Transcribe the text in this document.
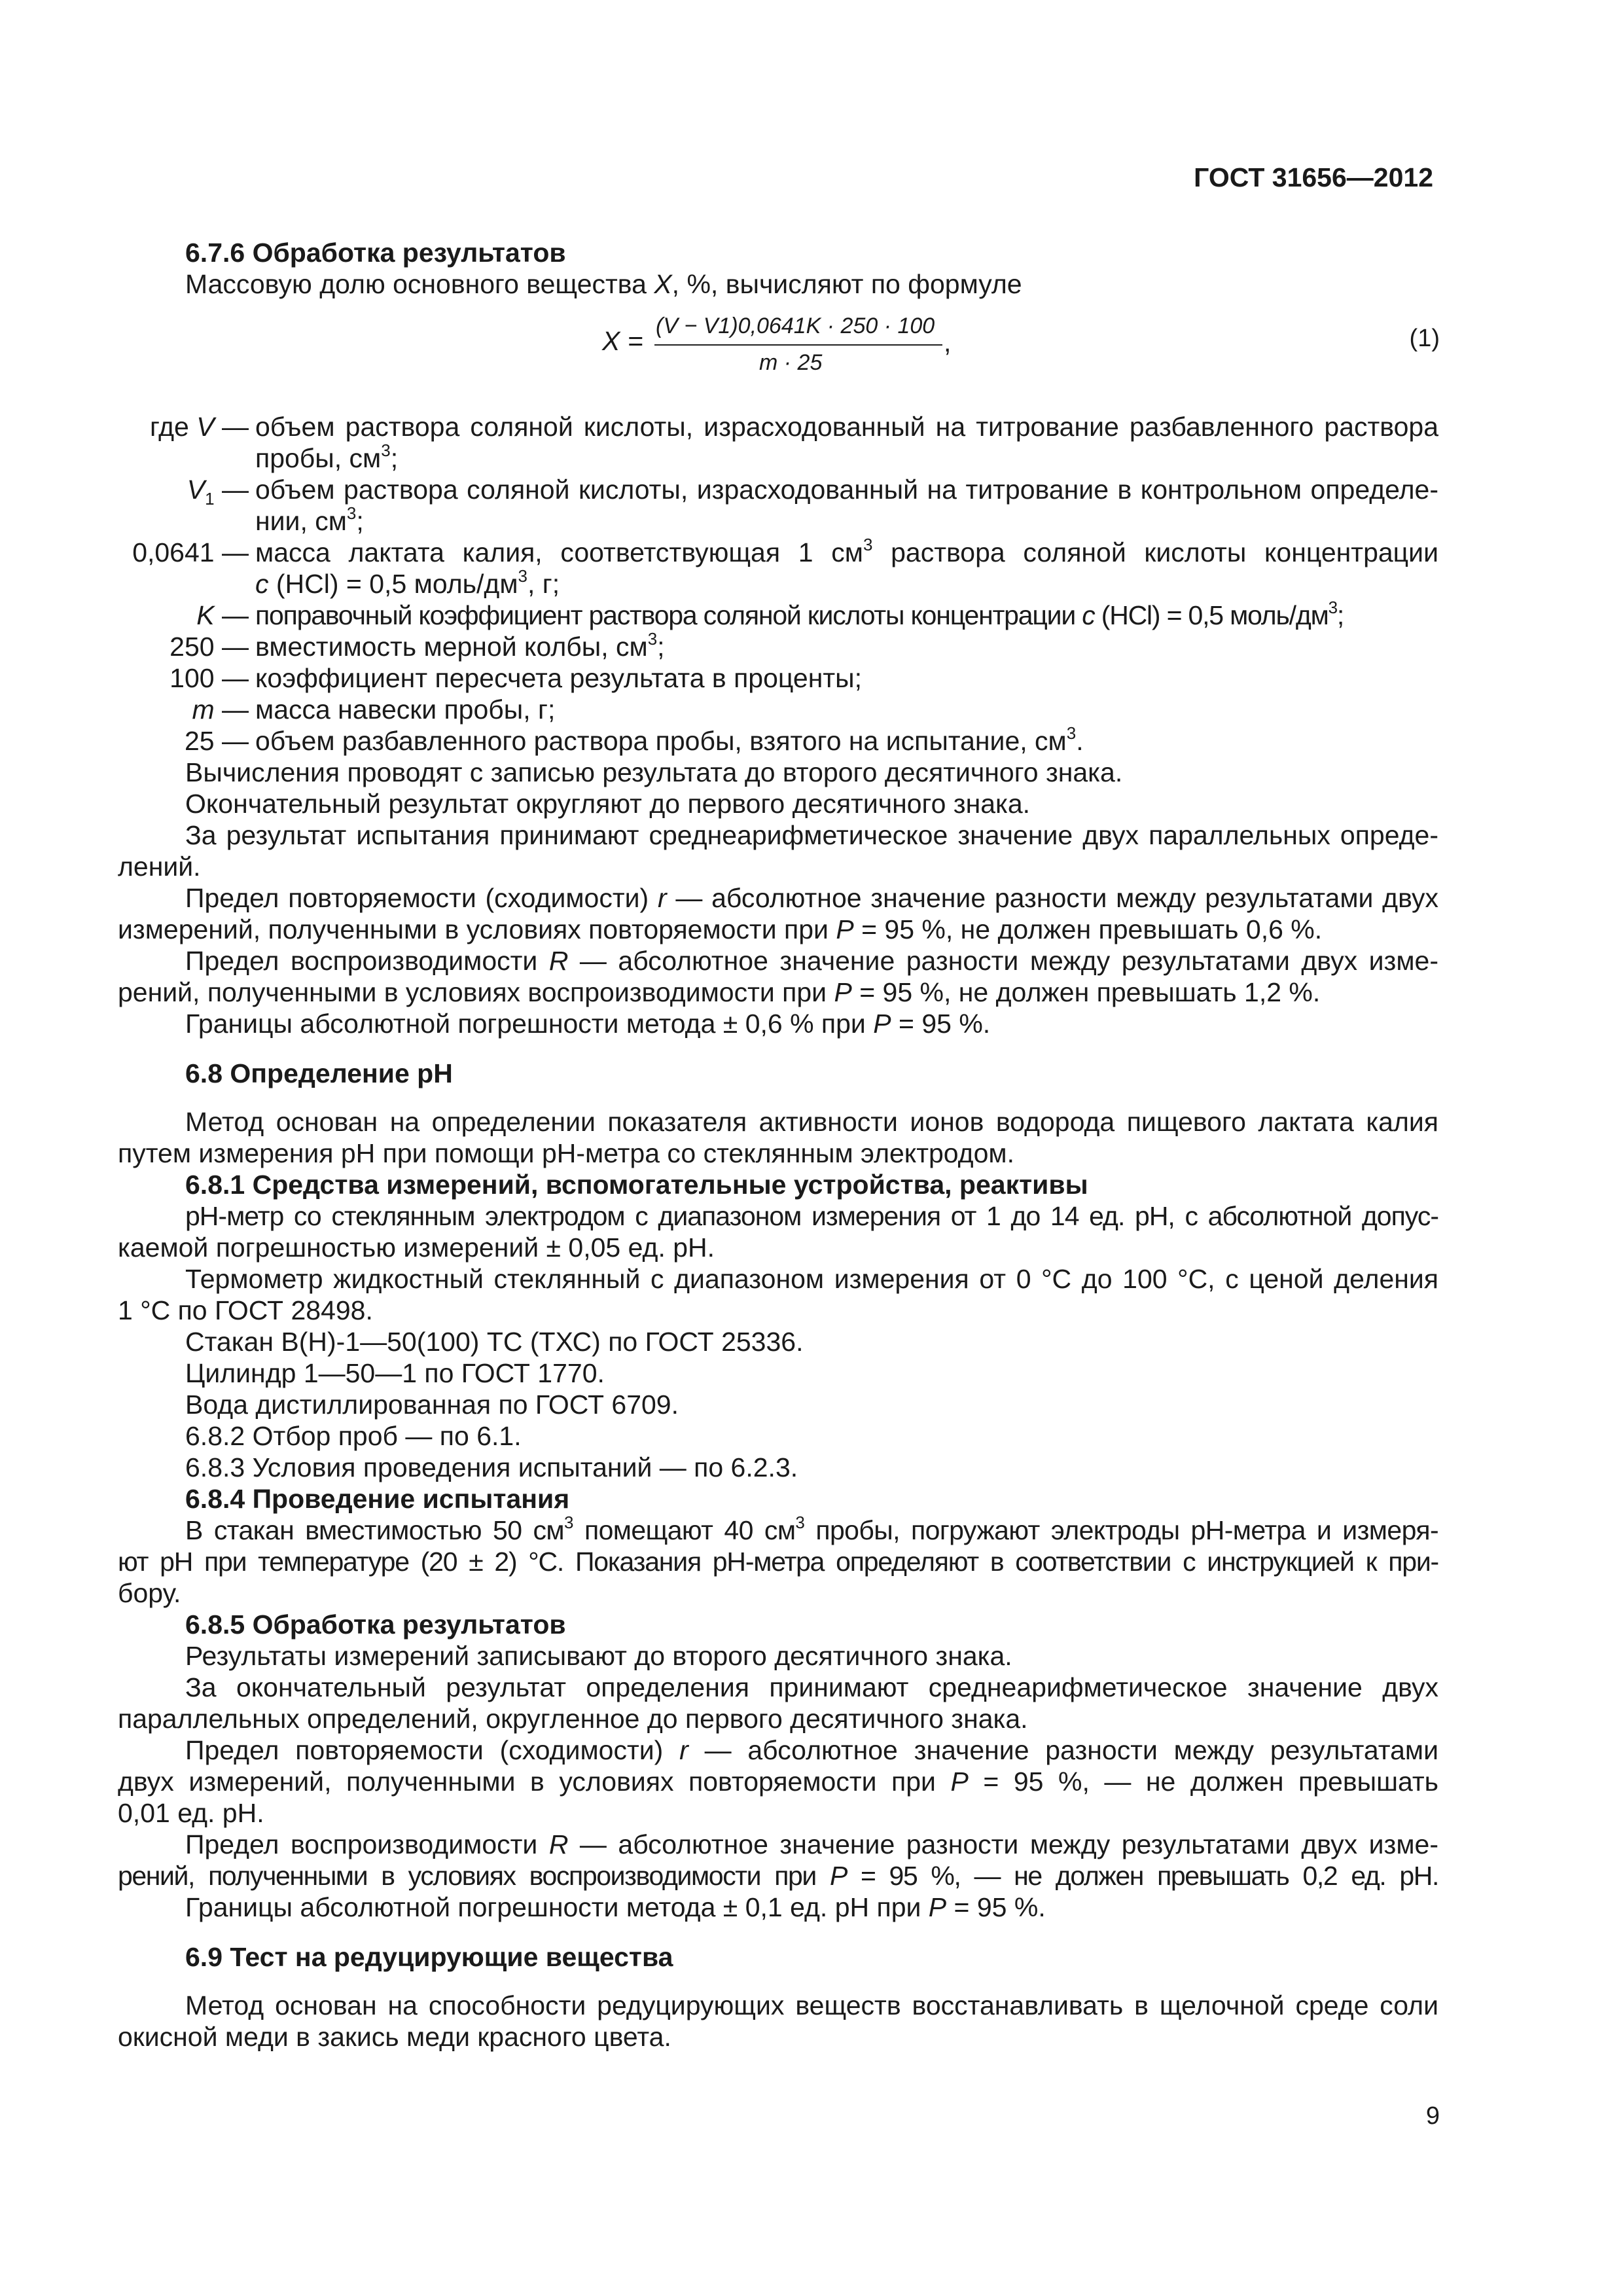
ГОСТ 31656—2012
6.7.6 Обработка результатов
Массовую долю основного вещества X, %, вычисляют по формуле
X = (V − V1)0,0641K · 250 · 100
m · 25
,	(1)
где V — объем раствора соляной кислоты, израсходованный на титрование разбавленного раствора
пробы, $см^3$;
$V_1$ — объем раствора соляной кислоты, израсходованный на титрование в контрольном определе-
нии, $см^3$;
0,0641 — масса лактата калия, соответствующая 1 $см^3$ раствора соляной кислоты концентрации
c (HCl) = 0,5 моль/$дм^3$, г;
K — поправочный коэффициент раствора соляной кислоты концентрации c (HCl) = 0,5 моль/$дм^3$;
250 — вместимость мерной колбы, $см^3$;
100 — коэффициент пересчета результата в проценты;
m — масса навески пробы, г;
25 — объем разбавленного раствора пробы, взятого на испытание, $см^3$.
Вычисления проводят с записью результата до второго десятичного знака.
Окончательный результат округляют до первого десятичного знака.
За результат испытания принимают среднеарифметическое значение двух параллельных опреде-
лений.
Предел повторяемости (сходимости) r — абсолютное значение разности между результатами двух
измерений, полученными в условиях повторяемости при P = 95 %, не должен превышать 0,6 %.
Предел воспроизводимости R — абсолютное значение разности между результатами двух изме-
рений, полученными в условиях воспроизводимости при P = 95 %, не должен превышать 1,2 %.
Границы абсолютной погрешности метода ± 0,6 % при P = 95 %.
6.8 Определение pH
Метод основан на определении показателя активности ионов водорода пищевого лактата калия
путем измерения pH при помощи pH-метра со стеклянным электродом.
6.8.1 Средства измерений, вспомогательные устройства, реактивы
pH-метр со стеклянным электродом с диапазоном измерения от 1 до 14 ед. pH, с абсолютной допус-
каемой погрешностью измерений ± 0,05 ед. pH.
Термометр жидкостный стеклянный с диапазоном измерения от 0 °С до 100 °С, с ценой деления
1 °С по ГОСТ 28498.
Стакан В(Н)-1—50(100) ТС (ТХС) по ГОСТ 25336.
Цилиндр 1—50—1 по ГОСТ 1770.
Вода дистиллированная по ГОСТ 6709.
6.8.2 Отбор проб — по 6.1.
6.8.3 Условия проведения испытаний — по 6.2.3.
6.8.4 Проведение испытания
В стакан вместимостью 50 $см^3$ помещают 40 $см^3$ пробы, погружают электроды pH-метра и измеря-
ют pH при температуре (20 ± 2) °С. Показания pH-метра определяют в соответствии с инструкцией к при-
бору.
6.8.5 Обработка результатов
Результаты измерений записывают до второго десятичного знака.
За окончательный результат определения принимают среднеарифметическое значение двух
параллельных определений, округленное до первого десятичного знака.
Предел повторяемости (сходимости) r — абсолютное значение разности между результатами
двух измерений, полученными в условиях повторяемости при P = 95 %, — не должен превышать
0,01 ед. pH.
Предел воспроизводимости R — абсолютное значение разности между результатами двух изме-
рений, полученными в условиях воспроизводимости при P = 95 %, — не должен превышать 0,2 ед. pH.
Границы абсолютной погрешности метода ± 0,1 ед. pH при P = 95 %.
6.9 Тест на редуцирующие вещества
Метод основан на способности редуцирующих веществ восстанавливать в щелочной среде соли
окисной меди в закись меди красного цвета.
9
